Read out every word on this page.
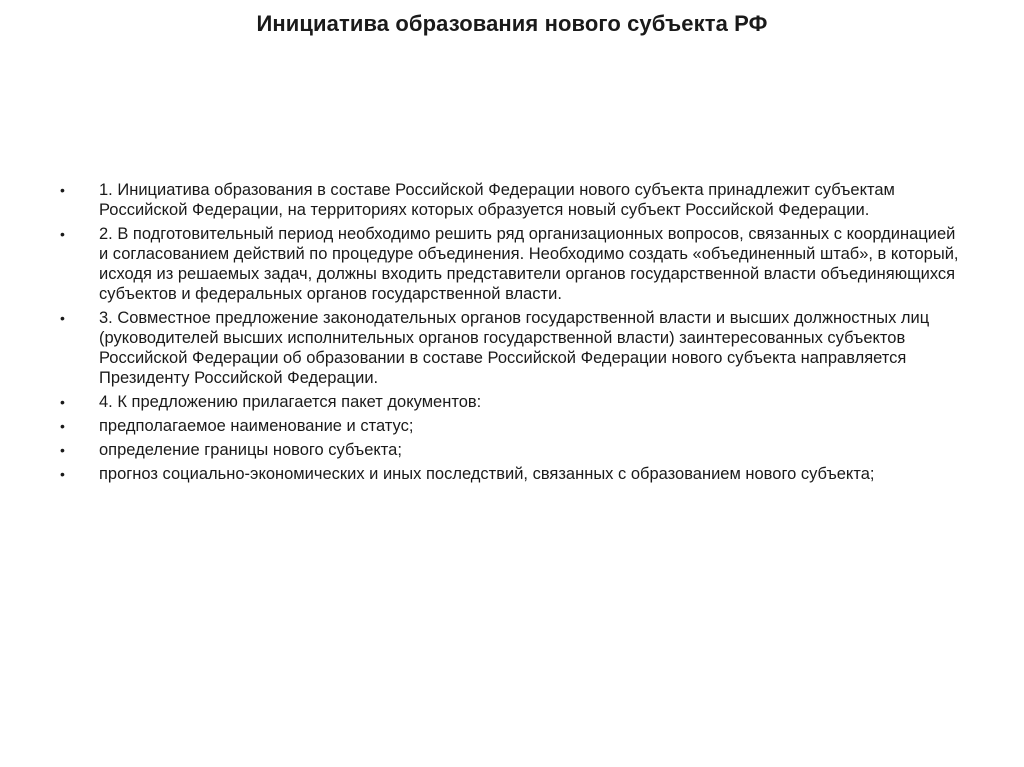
Инициатива образования нового субъекта РФ
•	1. Инициатива образования в составе Российской Федерации нового субъекта принадлежит субъектам Российской Федерации, на территориях которых образуется новый субъект Российской Федерации.
•	2. В подготовительный период необходимо решить ряд организационных вопросов, связанных с координацией и согласованием действий по процедуре объединения. Необходимо создать «объединенный штаб», в который, исходя из решаемых задач, должны входить представители органов государственной власти объединяющихся субъектов и федеральных органов государственной власти.
•	3. Совместное предложение законодательных органов государственной власти и высших должностных лиц (руководителей высших исполнительных органов государственной власти) заинтересованных субъектов Российской Федерации об образовании в составе Российской Федерации нового субъекта направляется Президенту Российской Федерации.
•	4. К предложению прилагается пакет документов:
•	предполагаемое наименование и статус;
•	определение границы нового субъекта;
•	прогноз социально-экономических и иных последствий, связанных с образованием нового субъекта;
